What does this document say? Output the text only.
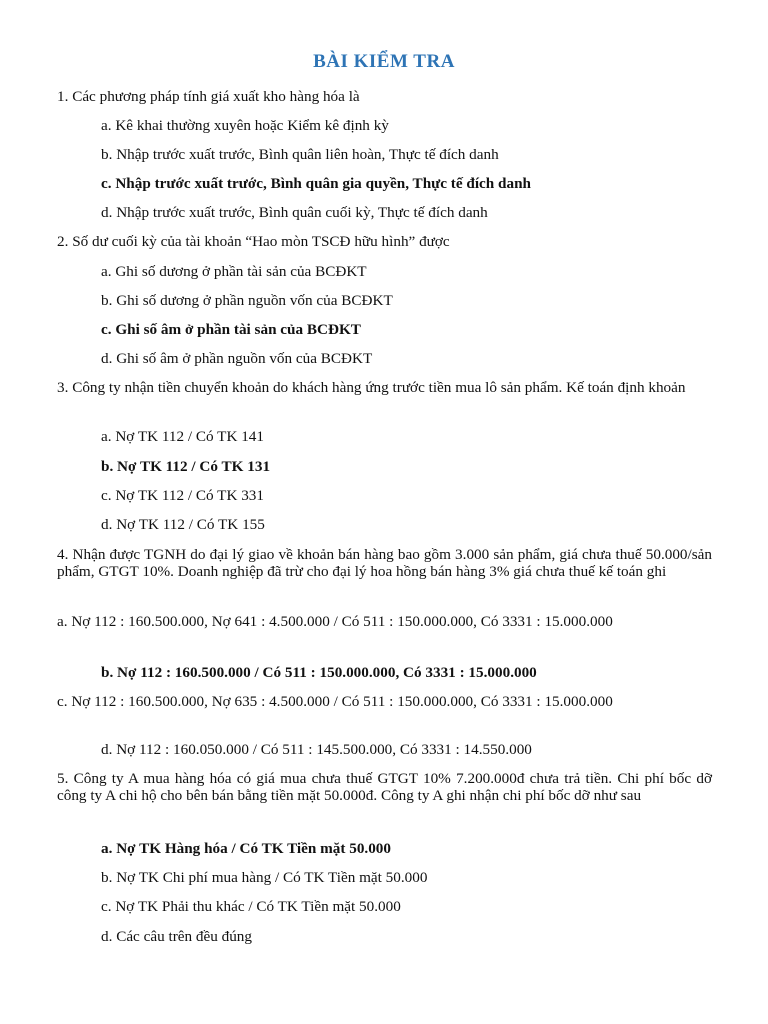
BÀI KIỂM TRA

1. Các phương pháp tính giá xuất kho hàng hóa là

a. Kê khai thường xuyên hoặc Kiểm kê định kỳ

b. Nhập trước xuất trước, Bình quân liên hoàn, Thực tế đích danh

c. Nhập trước xuất trước, Bình quân gia quyền, Thực tế đích danh

d. Nhập trước xuất trước, Bình quân cuối kỳ, Thực tế đích danh

2. Số dư cuối kỳ của tài khoản “Hao mòn TSCĐ hữu hình” được

a. Ghi số dương ở phần tài sản của BCĐKT

b. Ghi số dương ở phần nguồn vốn của BCĐKT

c. Ghi số âm ở phần tài sản của BCĐKT

d. Ghi số âm ở phần nguồn vốn của BCĐKT

3. Công ty nhận tiền chuyển khoản do khách hàng ứng trước tiền mua lô sản phẩm. Kế toán định khoản

a. Nợ TK 112 / Có TK 141

b. Nợ TK 112 / Có TK 131

c. Nợ TK 112 / Có TK 331

d. Nợ TK 112 / Có TK 155

4. Nhận được TGNH do đại lý giao về khoản bán hàng bao gồm 3.000 sản phẩm, giá chưa thuế 50.000/sản phẩm, GTGT 10%. Doanh nghiệp đã trừ cho đại lý hoa hồng bán hàng 3% giá chưa thuế kế toán ghi

a. Nợ 112 : 160.500.000, Nợ 641 : 4.500.000 / Có 511 : 150.000.000, Có 3331 : 15.000.000

b. Nợ 112 : 160.500.000 / Có 511 : 150.000.000, Có 3331 : 15.000.000

c. Nợ 112 : 160.500.000, Nợ 635 : 4.500.000 / Có 511 : 150.000.000, Có 3331 : 15.000.000

d. Nợ 112 : 160.050.000 / Có 511 : 145.500.000, Có 3331 : 14.550.000

5. Công ty A mua hàng hóa có giá mua chưa thuế GTGT 10% 7.200.000đ chưa trả tiền. Chi phí bốc dỡ công ty A chi hộ cho bên bán bằng tiền mặt 50.000đ. Công ty A ghi nhận chi phí bốc dỡ như sau

a. Nợ TK Hàng hóa / Có TK Tiền mặt 50.000

b. Nợ TK Chi phí mua hàng / Có TK Tiền mặt 50.000

c. Nợ TK Phải thu khác / Có TK Tiền mặt 50.000

d. Các câu trên đều đúng
